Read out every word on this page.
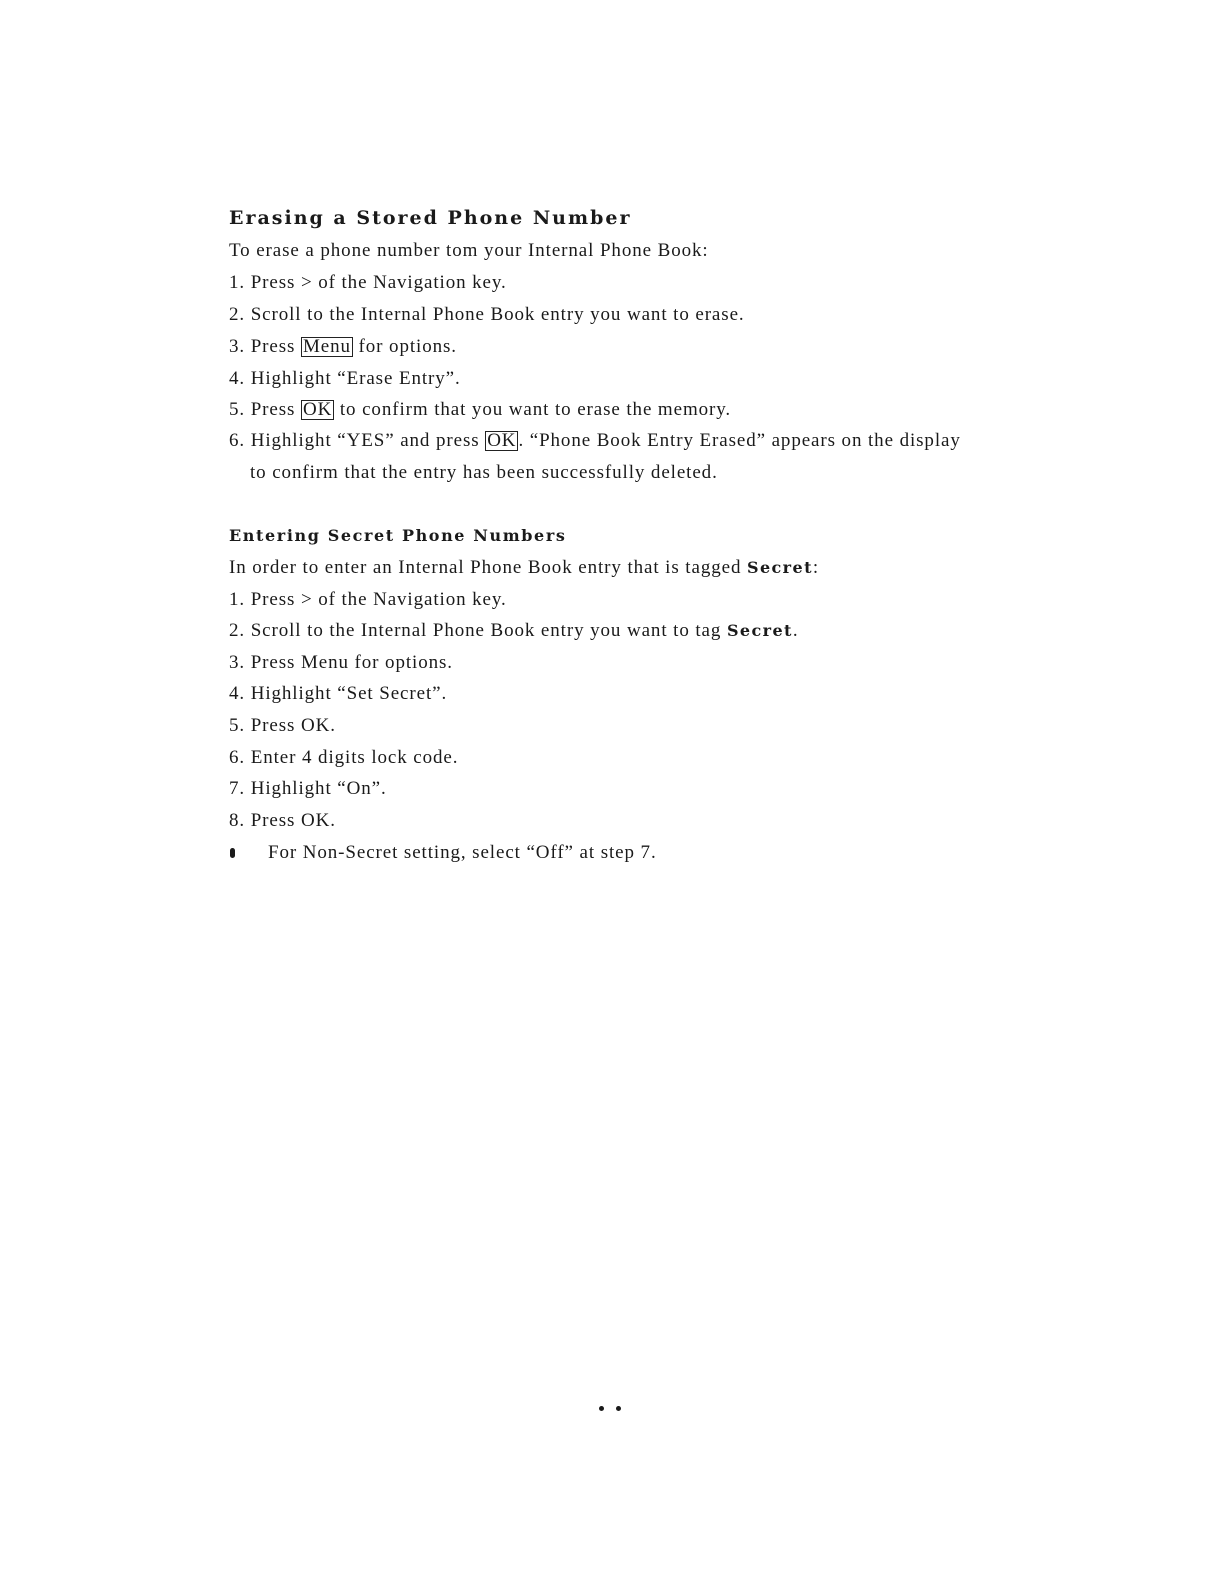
Erasing a Stored Phone Number
To erase a phone number tom your Internal Phone Book:
1. Press > of the Navigation key.
2. Scroll to the Internal Phone Book entry you want to erase.
3. Press Menu for options.
4. Highlight “Erase Entry”.
5. Press OK to confirm that you want to erase the memory.
6. Highlight “YES” and press OK . “Phone Book Entry Erased” appears on the display
to confirm that the entry has been successfully deleted.
Entering Secret Phone Numbers
In order to enter an Internal Phone Book entry that is tagged Secret:
1. Press > of the Navigation key.
2. Scroll to the Internal Phone Book entry you want to tag Secret.
3. Press Menu for options.
4. Highlight “Set Secret”.
5. Press OK.
6. Enter 4 digits lock code.
7. Highlight “On”.
8. Press OK.
For Non-Secret setting, select “Off” at step 7.
